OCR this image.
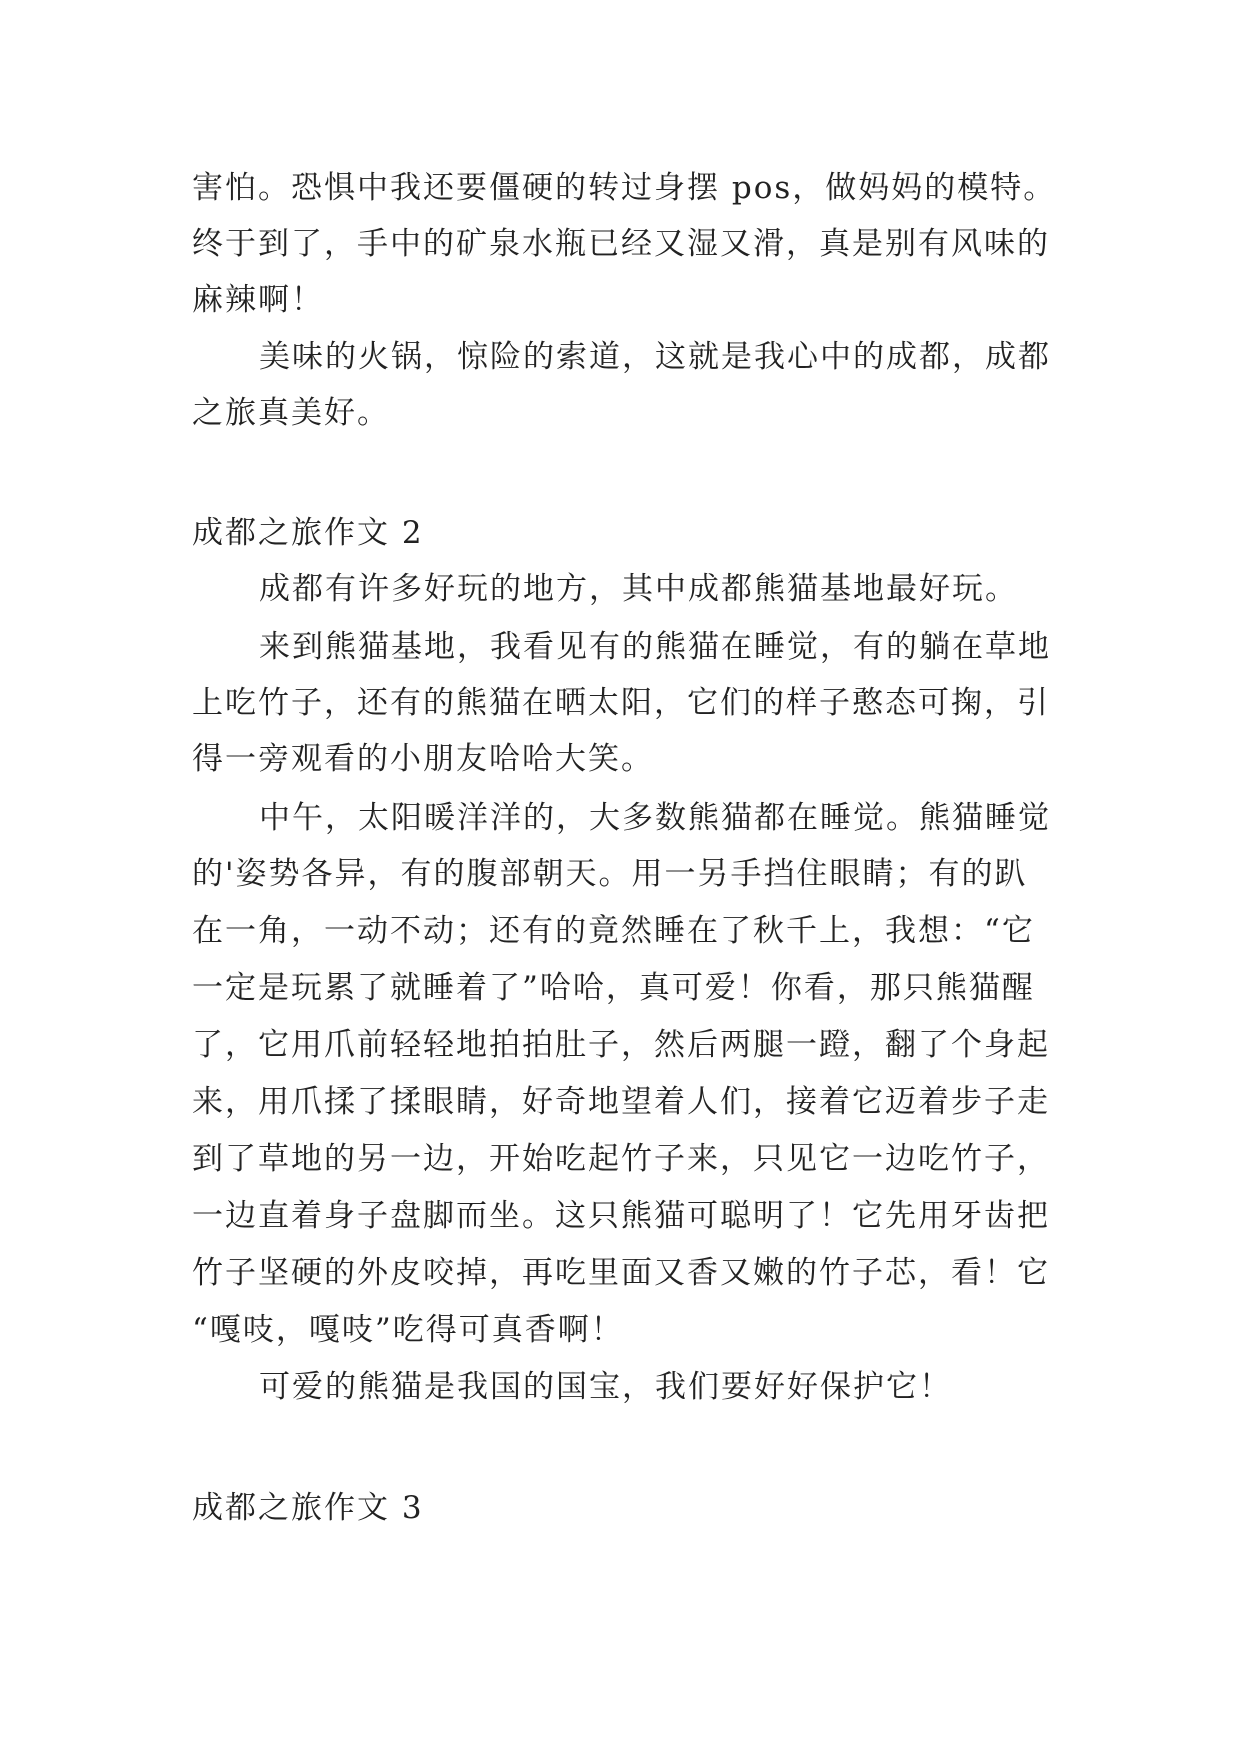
害怕。恐惧中我还要僵硬的转过身摆 pos，做妈妈的模特。
终于到了，手中的矿泉水瓶已经又湿又滑，真是别有风味的
麻辣啊！
美味的火锅，惊险的索道，这就是我心中的成都，成都
之旅真美好。
成都之旅作文 2
成都有许多好玩的地方，其中成都熊猫基地最好玩。
来到熊猫基地，我看见有的熊猫在睡觉，有的躺在草地
上吃竹子，还有的熊猫在晒太阳，它们的样子憨态可掬，引
得一旁观看的小朋友哈哈大笑。
中午，太阳暖洋洋的，大多数熊猫都在睡觉。熊猫睡觉
的'姿势各异，有的腹部朝天。用一另手挡住眼睛；有的趴
在一角，一动不动；还有的竟然睡在了秋千上，我想：“它
一定是玩累了就睡着了”哈哈，真可爱！你看，那只熊猫醒
了，它用爪前轻轻地拍拍肚子，然后两腿一蹬，翻了个身起
来，用爪揉了揉眼睛，好奇地望着人们，接着它迈着步子走
到了草地的另一边，开始吃起竹子来，只见它一边吃竹子，
一边直着身子盘脚而坐。这只熊猫可聪明了！它先用牙齿把
竹子坚硬的外皮咬掉，再吃里面又香又嫩的竹子芯，看！它
“嘎吱，嘎吱”吃得可真香啊！
可爱的熊猫是我国的国宝，我们要好好保护它！
成都之旅作文 3
